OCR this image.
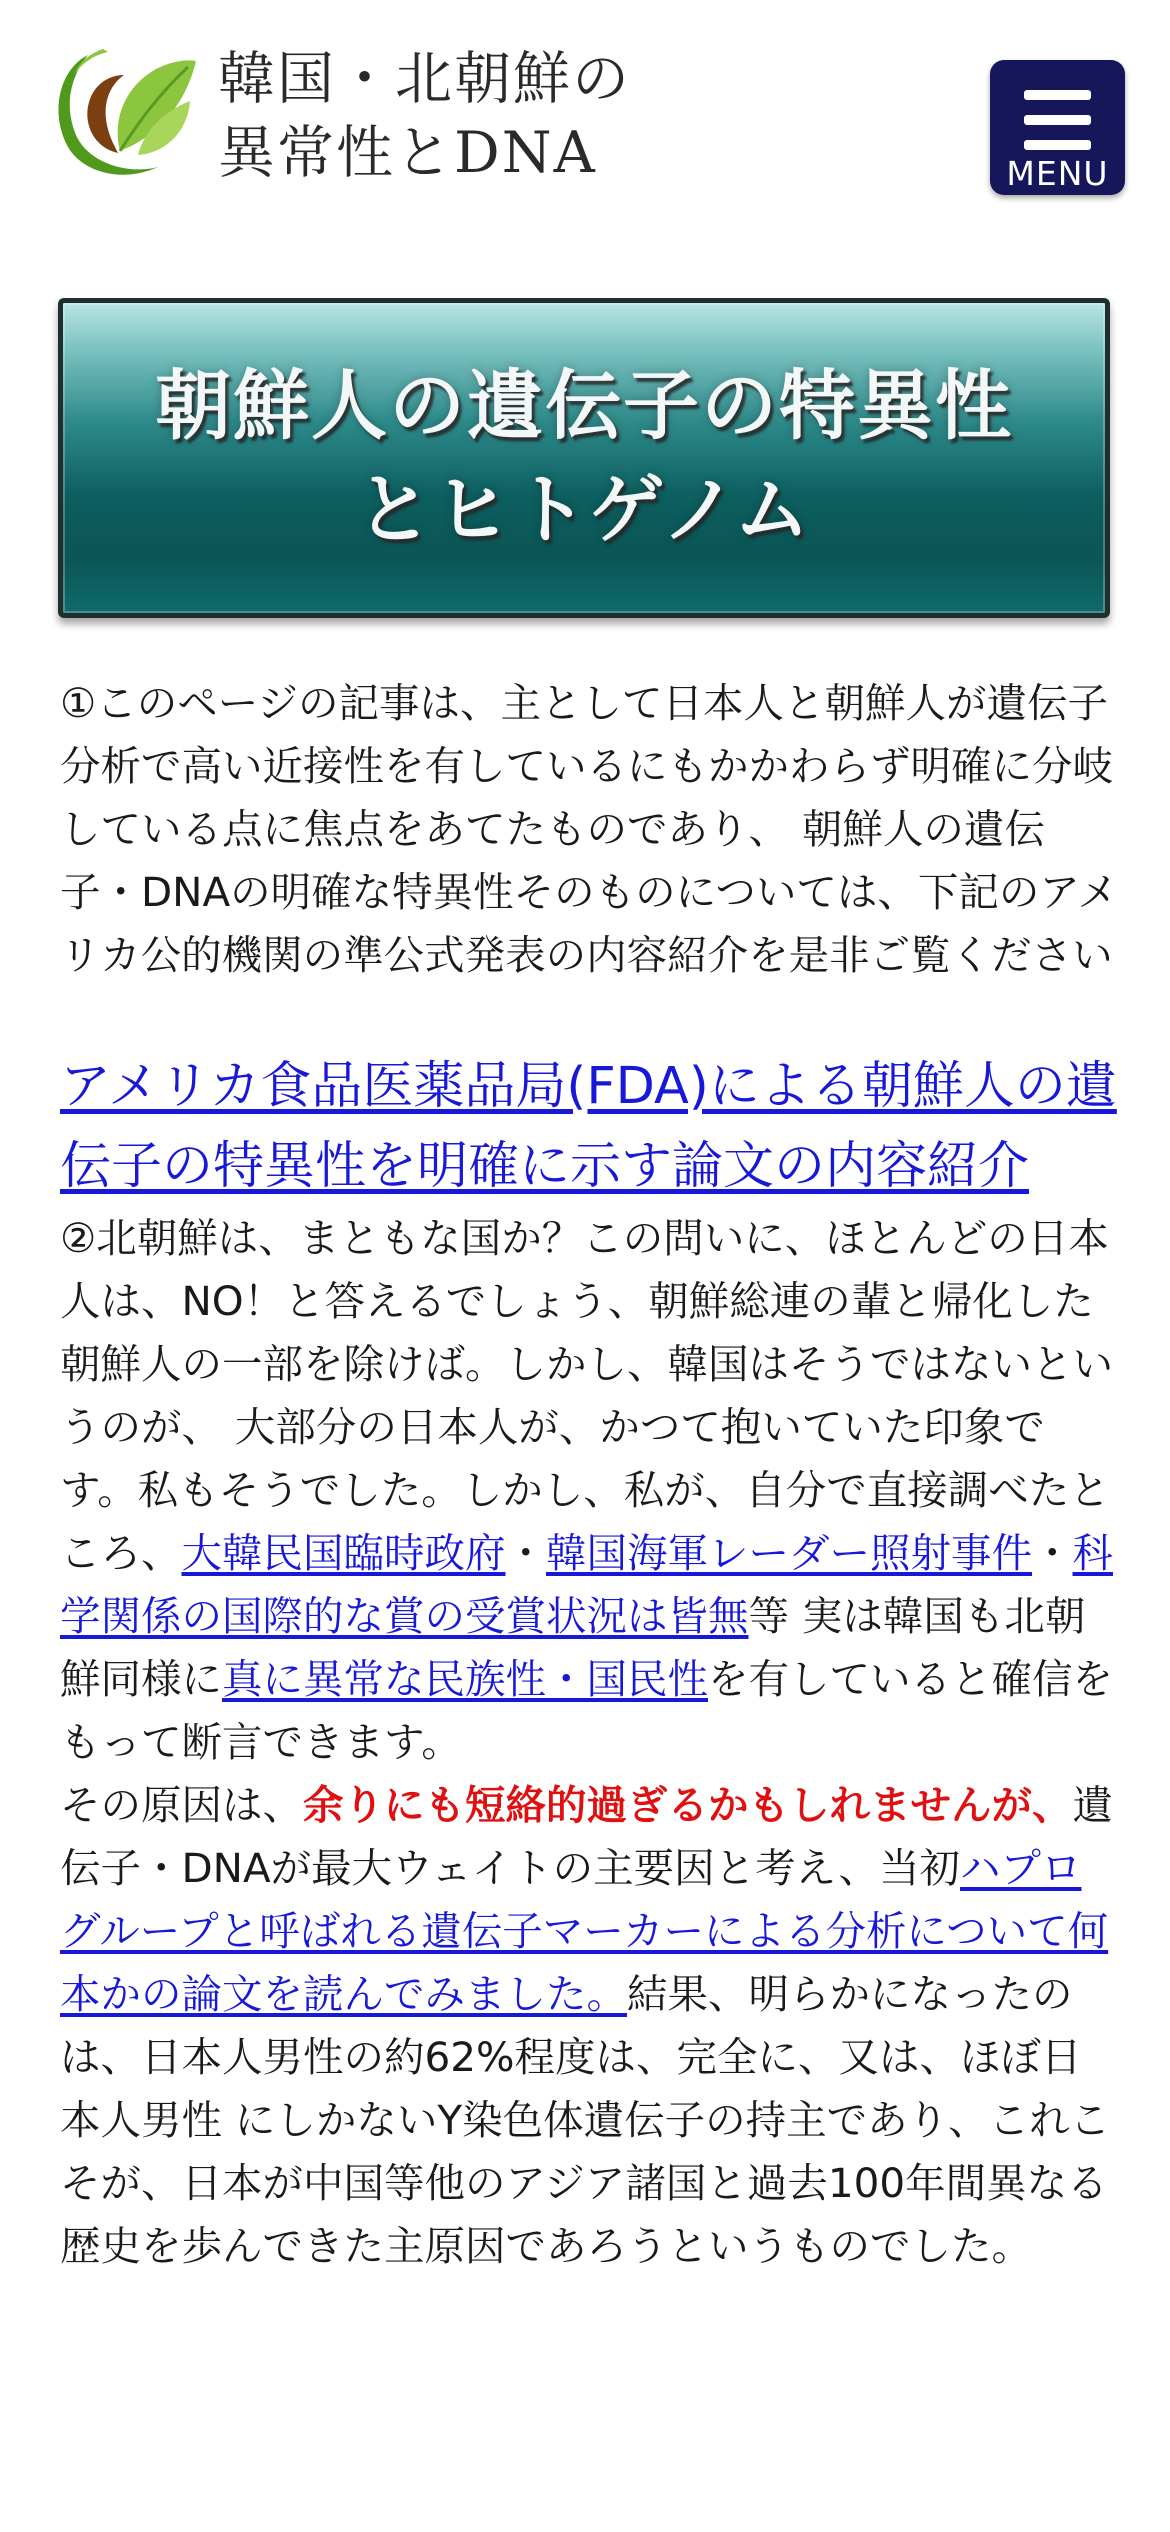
韓国・北朝鮮の
異常性とDNA	MENU
朝鮮人の遺伝子の特異性
とヒトゲノム

①このページの記事は、主として日本人と朝鮮人が遺伝子分析で高い近接性を有しているにもかかわらず明確に分岐している点に焦点をあてたものであり、 朝鮮人の遺伝子・DNAの明確な特異性そのものについては、下記のアメリカ公的機関の準公式発表の内容紹介を是非ご覧ください

アメリカ食品医薬品局(FDA)による朝鮮人の遺伝子の特異性を明確に示す論文の内容紹介

②北朝鮮は、まともな国か？この問いに、ほとんどの日本人は、NO！と答えるでしょう、朝鮮総連の輩と帰化した朝鮮人の一部を除けば。しかし、韓国はそうではないというのが、 大部分の日本人が、かつて抱いていた印象です。私もそうでした。しかし、私が、自分で直接調べたところ、大韓民国臨時政府・韓国海軍レーダー照射事件・科学関係の国際的な賞の受賞状況は皆無等 実は韓国も北朝鮮同様に真に異常な民族性・国民性を有していると確信をもって断言できます。

その原因は、余りにも短絡的過ぎるかもしれませんが、遺伝子・DNAが最大ウェイトの主要因と考え、当初ハプログループと呼ばれる遺伝子マーカーによる分析について何本かの論文を読んでみました。結果、明らかになったのは、日本人男性の約62%程度は、完全に、又は、ほぼ日本人男性 にしかないY染色体遺伝子の持主であり、これこそが、日本が中国等他のアジア諸国と過去100年間異なる歴史を歩んできた主原因であろうというものでした。
